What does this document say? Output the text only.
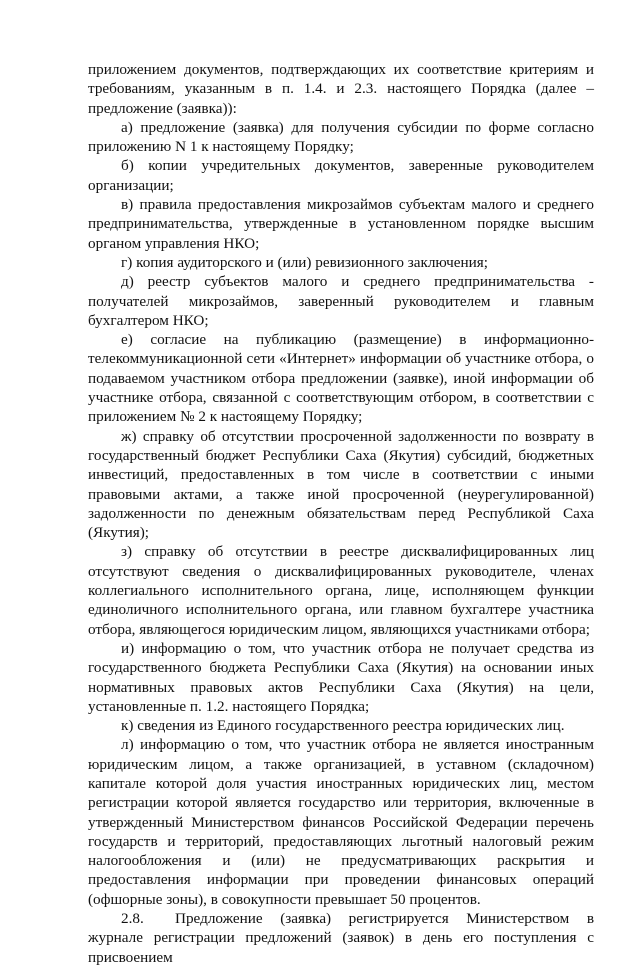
приложением документов, подтверждающих их соответствие критериям и требованиям, указанным в п. 1.4. и 2.3. настоящего Порядка (далее – предложение (заявка)):

а) предложение (заявка) для получения субсидии по форме согласно приложению N 1 к настоящему Порядку;

б) копии учредительных документов, заверенные руководителем организации;

в) правила предоставления микрозаймов субъектам малого и среднего предпринимательства, утвержденные в установленном порядке высшим органом управления НКО;

г) копия аудиторского и (или) ревизионного заключения;

д) реестр субъектов малого и среднего предпринимательства - получателей микрозаймов, заверенный руководителем и главным бухгалтером НКО;

е) согласие на публикацию (размещение) в информационно-телекоммуникационной сети «Интернет» информации об участнике отбора, о подаваемом участником отбора предложении (заявке), иной информации об участнике отбора, связанной с соответствующим отбором, в соответствии с приложением № 2 к настоящему Порядку;

ж) справку об отсутствии просроченной задолженности по возврату в государственный бюджет Республики Саха (Якутия) субсидий, бюджетных инвестиций, предоставленных в том числе в соответствии с иными правовыми актами, а также иной просроченной (неурегулированной) задолженности по денежным обязательствам перед Республикой Саха (Якутия);

з) справку об отсутствии в реестре дисквалифицированных лиц отсутствуют сведения о дисквалифицированных руководителе, членах коллегиального исполнительного органа, лице, исполняющем функции единоличного исполнительного органа, или главном бухгалтере участника отбора, являющегося юридическим лицом, являющихся участниками отбора;

и) информацию о том, что участник отбора не получает средства из государственного бюджета Республики Саха (Якутия) на основании иных нормативных правовых актов Республики Саха (Якутия) на цели, установленные п. 1.2. настоящего Порядка;

к) сведения из Единого государственного реестра юридических лиц.

л) информацию о том, что участник отбора не является иностранным юридическим лицом, а также организацией, в уставном (складочном) капитале которой доля участия иностранных юридических лиц, местом регистрации которой является государство или территория, включенные в утвержденный Министерством финансов Российской Федерации перечень государств и территорий, предоставляющих льготный налоговый режим налогообложения и (или) не предусматривающих раскрытия и предоставления информации при проведении финансовых операций (офшорные зоны), в совокупности превышает 50 процентов.

2.8. Предложение (заявка) регистрируется Министерством в журнале регистрации предложений (заявок) в день его поступления с присвоением
